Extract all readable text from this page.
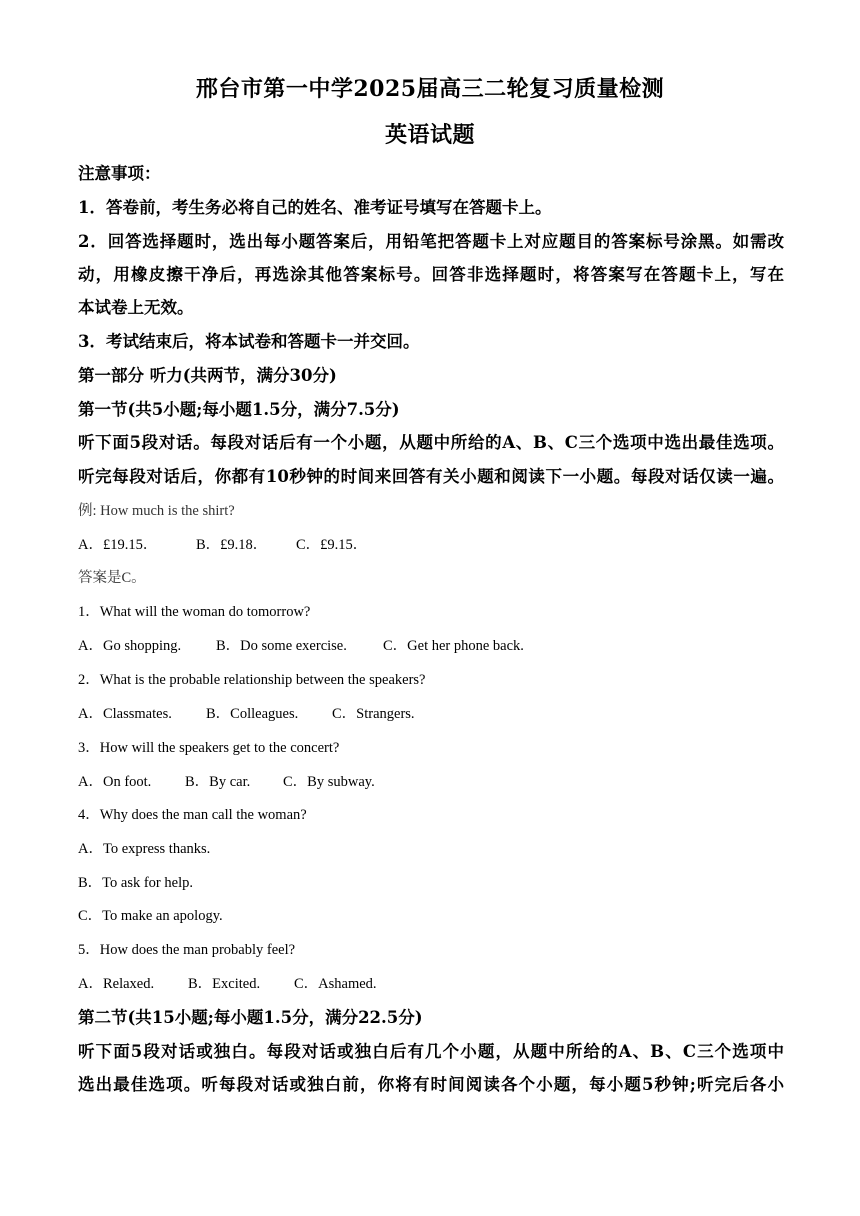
邢台市第一中学2025届高三二轮复习质量检测
英语试题
注意事项：
1．答卷前，考生务必将自己的姓名、准考证号填写在答题卡上。
2．回答选择题时，选出每小题答案后，用铅笔把答题卡上对应题目的答案标号涂黑。如需改
动，用橡皮擦干净后，再选涂其他答案标号。回答非选择题时，将答案写在答题卡上，写在
本试卷上无效。
3．考试结束后，将本试卷和答题卡一并交回。
第一部分 听力(共两节，满分30分)
第一节(共5小题;每小题1.5分，满分7.5分)
听下面5段对话。每段对话后有一个小题，从题中所给的A、B、C三个选项中选出最佳选项。
听完每段对话后，你都有10秒钟的时间来回答有关小题和阅读下一小题。每段对话仅读一遍。
例: How much is the shirt?
A．£19.15．	B．£9.18． C．£9.15．
答案是C。
1．What will the woman do tomorrow?
A．Go shopping. B．Do some exercise. C．Get her phone back.
2．What is the probable relationship between the speakers?
A．Classmates. B．Colleagues. C．Strangers.
3．How will the speakers get to the concert?
A．On foot. B．By car. C．By subway.
4．Why does the man call the woman?
A．To express thanks.
B．To ask for help.
C．To make an apology.
5．How does the man probably feel?
A．Relaxed. B．Excited. C．Ashamed.
第二节(共15小题;每小题1.5分，满分22.5分)
听下面5段对话或独白。每段对话或独白后有几个小题，从题中所给的A、B、C三个选项中
选出最佳选项。听每段对话或独白前，你将有时间阅读各个小题，每小题5秒钟;听完后各小
